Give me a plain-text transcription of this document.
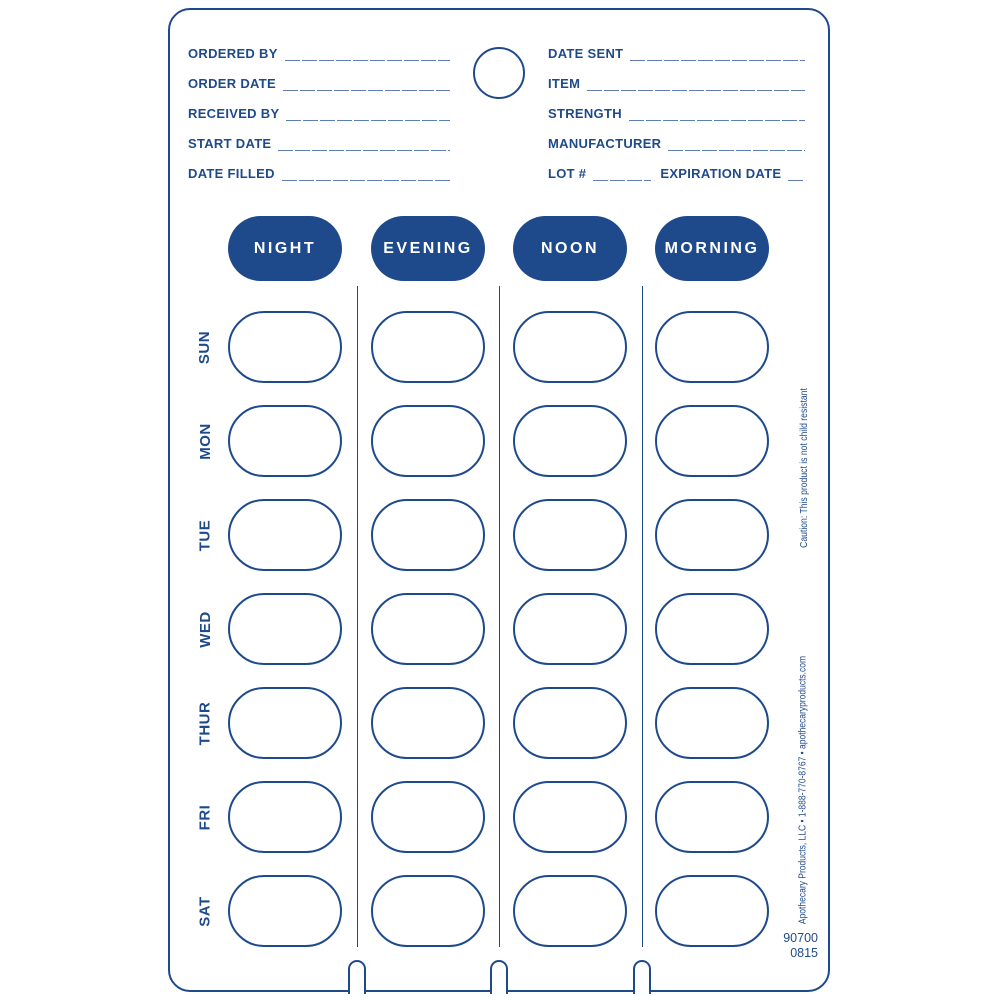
ORDERED BY
ORDER DATE
RECEIVED BY
START DATE
DATE FILLED
DATE SENT
ITEM
STRENGTH
MANUFACTURER
LOT #	EXPIRATION DATE
NIGHT	EVENING	NOON	MORNING
SUN
MON
TUE
WED
THUR
FRI
SAT
Caution: This product is not child resistant
Apothecary Products, LLC • 1-888-770-8767 • apothecaryproducts.com
90700
0815
